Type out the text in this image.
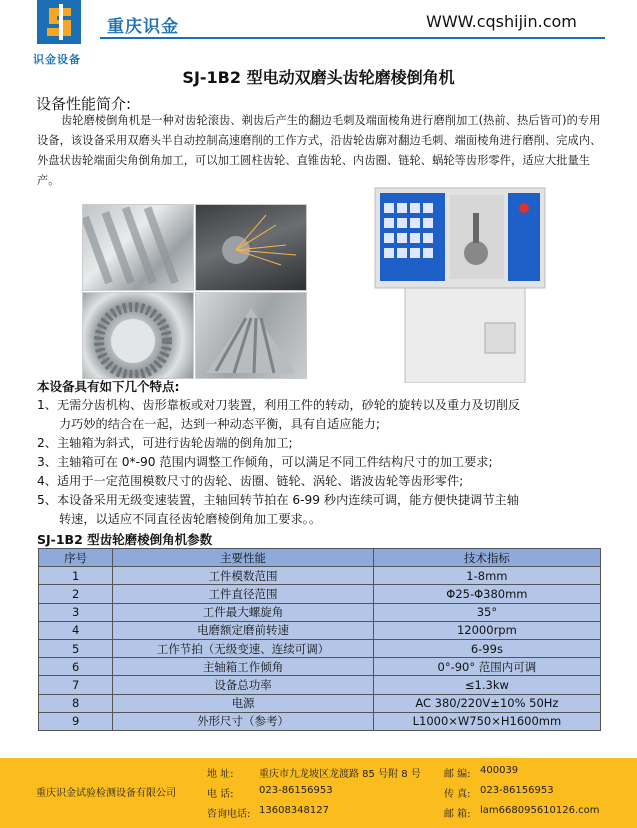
识金设备
重庆识金	WWW.cqshijin.com
SJ-1B2 型电动双磨头齿轮磨棱倒角机
设备性能简介:
齿轮磨棱倒角机是一种对齿轮滚齿、剃齿后产生的翻边毛刺及端面棱角进行磨削加工(热前、热后皆可)的专用设备，该设备采用双磨头半自动控制高速磨削的工作方式，沿齿轮齿廓对翻边毛刺、端面棱角进行磨削、完成内、外盘状齿轮端面尖角倒角加工，可以加工圆柱齿轮、直锥齿轮、内齿圈、链轮、蜗轮等齿形零件，适应大批量生产。
本设备具有如下几个特点:
1、无需分齿机构、齿形靠板或对刀装置，利用工件的转动，砂轮的旋转以及重力及切削反
力巧妙的结合在一起，达到一种动态平衡，具有自适应能力;
2、主轴箱为斜式，可进行齿轮齿端的倒角加工;
3、主轴箱可在 0*-90 范围内调整工作倾角，可以满足不同工件结构尺寸的加工要求;
4、适用于一定范围模数尺寸的齿轮、齿圈、链轮、涡轮、谐波齿轮等齿形零件;
5、本设备采用无级变速装置，主轴回转节拍在 6-99 秒内连续可调，能方便快捷调节主轴
转速，以适应不同直径齿轮磨棱倒角加工要求。。
SJ-1B2 型齿轮磨棱倒角机参数
序号	主要性能	技术指标
1	工件模数范围	1-8mm
2	工件直径范围	Φ25-Φ380mm
3	工件最大螺旋角	35°
4	电磨额定磨前转速	12000rpm
5	工作节拍（无级变速、连续可调）	6-99s
6	主轴箱工作倾角	0°-90° 范围内可调
7	设备总功率	≤1.3kw
8	电源	AC 380/220V±10% 50Hz
9	外形尺寸（参考）	L1000×W750×H1600mm
重庆识金试验检测设备有限公司
地 址:	重庆市九龙坡区龙渡路 85 号附 8 号 邮 编: 400039
电 话:	023-86156953	传 真: 023-86156953
咨询电话: 13608348127	邮 箱: lam6680956​10126.com
